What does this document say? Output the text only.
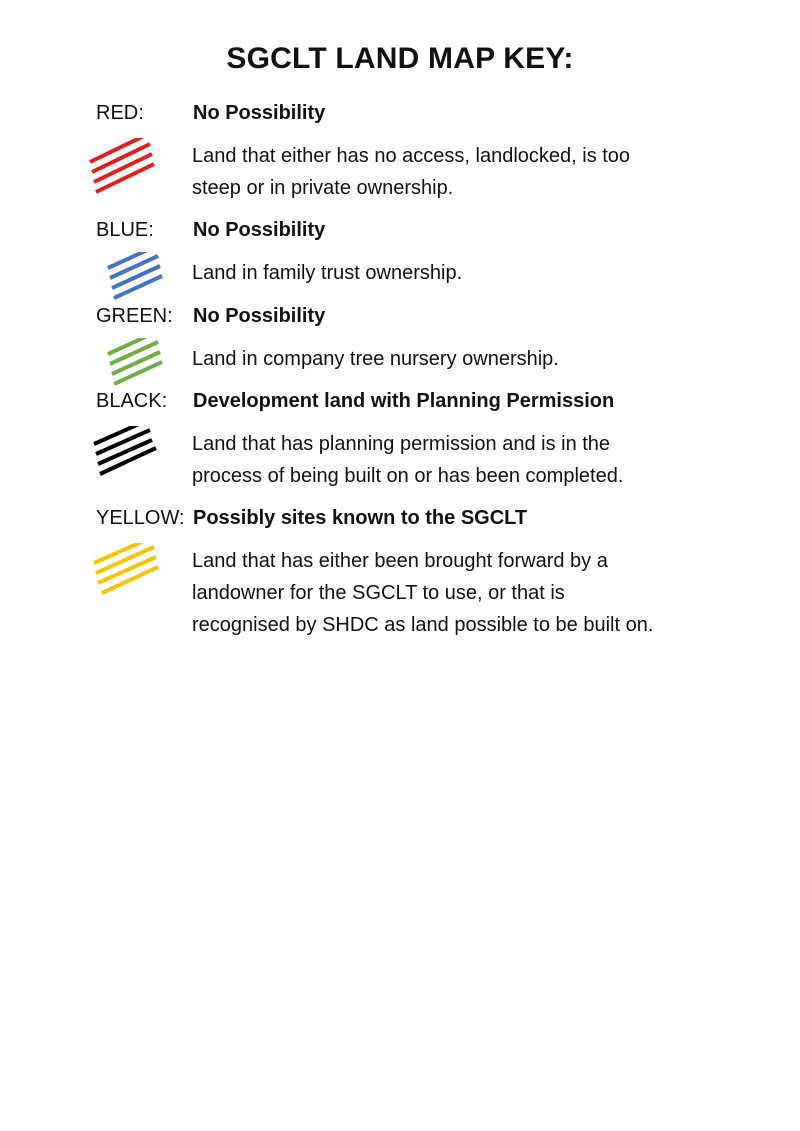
SGCLT LAND MAP KEY:
RED: No Possibility

Land that either has no access, landlocked, is too
steep or in private ownership.

BLUE: No Possibility

Land in family trust ownership.

GREEN: No Possibility

Land in company tree nursery ownership.

BLACK: Development land with Planning Permission

Land that has planning permission and is in the
process of being built on or has been completed.

YELLOW: Possibly sites known to the SGCLT

Land that has either been brought forward by a
landowner for the SGCLT to use, or that is
recognised by SHDC as land possible to be built on.
